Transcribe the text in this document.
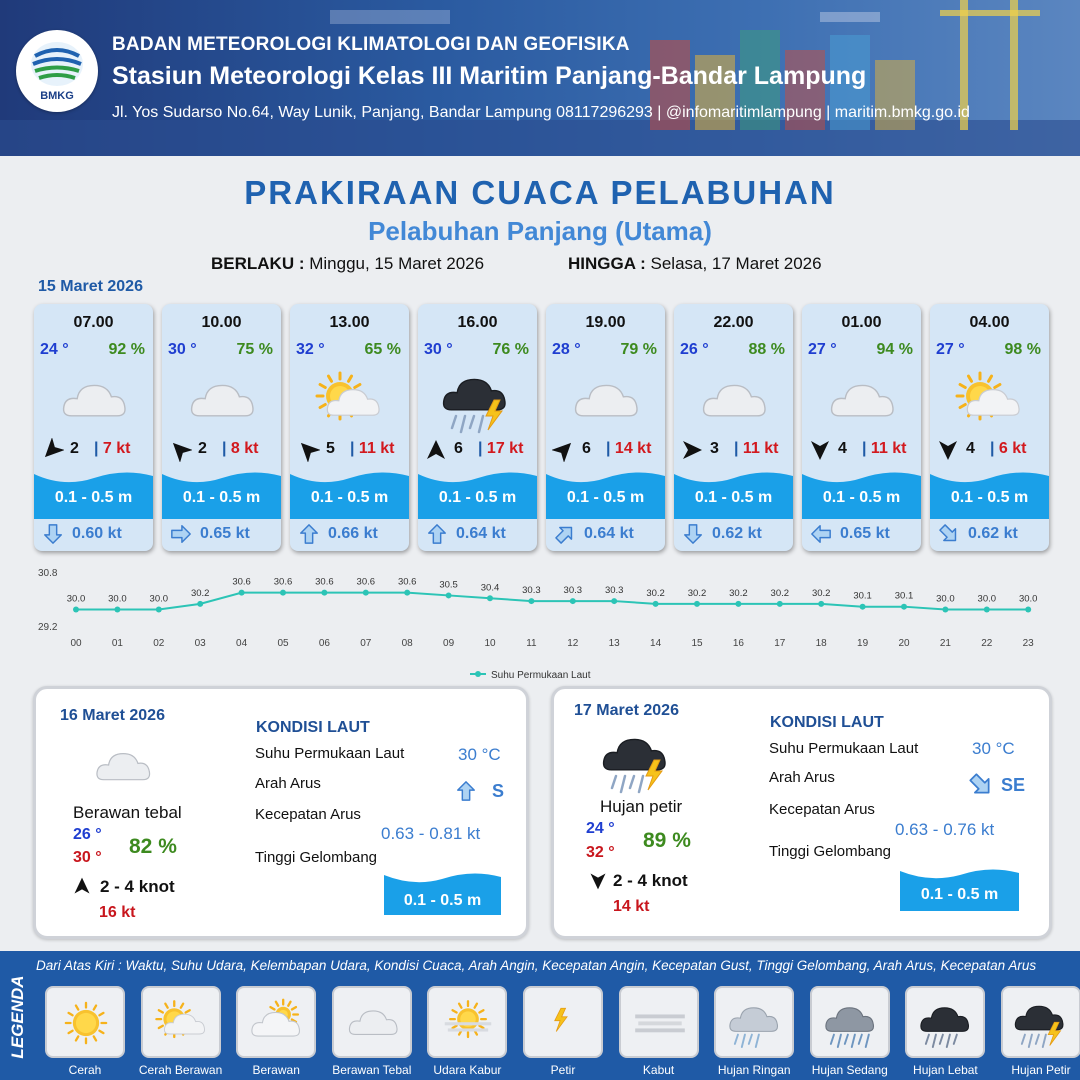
BMKG
BADAN METEOROLOGI KLIMATOLOGI DAN GEOFISIKA
Stasiun Meteorologi Kelas III Maritim Panjang-Bandar Lampung
Jl. Yos Sudarso No.64, Way Lunik, Panjang, Bandar Lampung 08117296293 | @infomaritimlampung | maritim.bmkg.go.id
PRAKIRAAN CUACA PELABUHAN
Pelabuhan Panjang (Utama)
BERLAKU : Minggu, 15 Maret 2026	HINGGA : Selasa, 17 Maret 2026
15 Maret 2026
07.00
24 ° 92 %
2 | 7 kt
0.1 - 0.5 m
0.60 kt
10.00
30 ° 75 %
2 | 8 kt
0.1 - 0.5 m
0.65 kt
13.00
32 ° 65 %
5 | 11 kt
0.1 - 0.5 m
0.66 kt
16.00
30 ° 76 %
6 | 17 kt
0.1 - 0.5 m
0.64 kt
19.00
28 ° 79 %
6 | 14 kt
0.1 - 0.5 m
0.64 kt
22.00
26 ° 88 %
3 | 11 kt
0.1 - 0.5 m
0.62 kt
01.00
27 ° 94 %
4 | 11 kt
0.1 - 0.5 m
0.65 kt
04.00
27 ° 98 %
4 | 6 kt
0.1 - 0.5 m
0.62 kt
30.0
00
30.0
01
30.0
02
30.2
03
30.6
04
30.6
05
30.6
06
30.6
07
30.6
08
30.5
09
30.4
10
30.3
11
30.3
12
30.3
13
30.2
14
30.2
15
30.2
16
30.2
17
30.2
18
30.1
19
30.1
20
30.0
21
30.0
22
30.0
23
30.8
29.2
Suhu Permukaan Laut
16 Maret 2026
Berawan tebal
26 °
30 ° 82 %
2 - 4 knot
16 kt
KONDISI LAUT
Suhu Permukaan Laut	30 °C
Arah Arus	S
Kecepatan Arus
0.63 - 0.81 kt
Tinggi Gelombang
0.1 - 0.5 m
17 Maret 2026
Hujan petir
24 °
32 °
89 %
2 - 4 knot
14 kt
KONDISI LAUT
Suhu Permukaan Laut	30 °C
Arah Arus	SE
Kecepatan Arus
0.63 - 0.76 kt
Tinggi Gelombang
0.1 - 0.5 m
LEGENDA
Dari Atas Kiri : Waktu, Suhu Udara, Kelembapan Udara, Kondisi Cuaca, Arah Angin, Kecepatan Angin, Kecepatan Gust, Tinggi Gelombang, Arah Arus, Kecepatan Arus
Cerah	Cerah Berawan	Berawan	Berawan Tebal	Udara Kabur	Petir	Kabut	Hujan Ringan	Hujan Sedang	Hujan Lebat	Hujan Petir
